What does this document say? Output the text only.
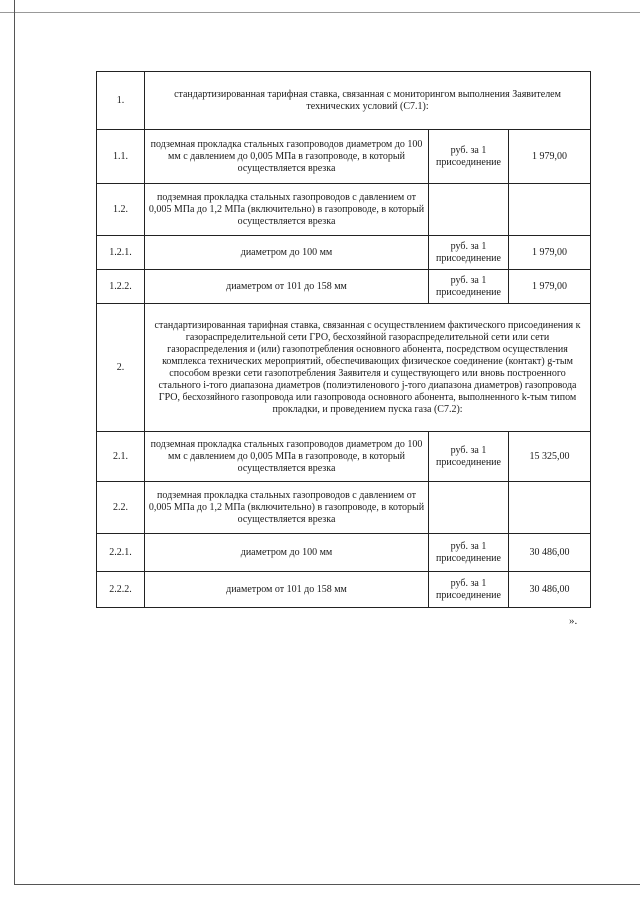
1.	стандартизированная тарифная ставка, связанная с мониторингом выполнения Заявителем технических условий (С7.1):		
1.1.	подземная прокладка стальных газопроводов диаметром до 100 мм с давлением до 0,005 МПа в газопроводе, в который осуществляется врезка	руб. за 1
присоединение	1 979,00
1.2.	подземная прокладка стальных газопроводов с давлением от 0,005 МПа до 1,2 МПа (включительно) в газопроводе, в который осуществляется врезка		
1.2.1.	диаметром до 100 мм	руб. за 1
присоединение	1 979,00
1.2.2.	диаметром от 101 до 158 мм	руб. за 1
присоединение	1 979,00
2.	стандартизированная тарифная ставка, связанная с осуществлением фактического присоединения к газораспределительной сети ГРО, бесхозяйной газораспределительной сети или сети газораспределения и (или) газопотребления основного абонента, посредством осуществления комплекса технических мероприятий, обеспечивающих физическое соединение (контакт) g-тым способом врезки сети газопотребления Заявителя и существующего или вновь построенного стального i-того диапазона диаметров (полиэтиленового j-того диапазона диаметров) газопровода ГРО, бесхозяйного газопровода или газопровода основного абонента, выполненного k-тым типом прокладки, и проведением пуска газа (С7.2):		
2.1.	подземная прокладка стальных газопроводов диаметром до 100 мм с давлением до 0,005 МПа в газопроводе, в который осуществляется врезка	руб. за 1
присоединение	15 325,00
2.2.	подземная прокладка стальных газопроводов с давлением от 0,005 МПа до 1,2 МПа (включительно) в газопроводе, в который осуществляется врезка		
2.2.1.	диаметром до 100 мм	руб. за 1
присоединение	30 486,00
2.2.2.	диаметром от 101 до 158 мм	руб. за 1
присоединение	30 486,00
».
